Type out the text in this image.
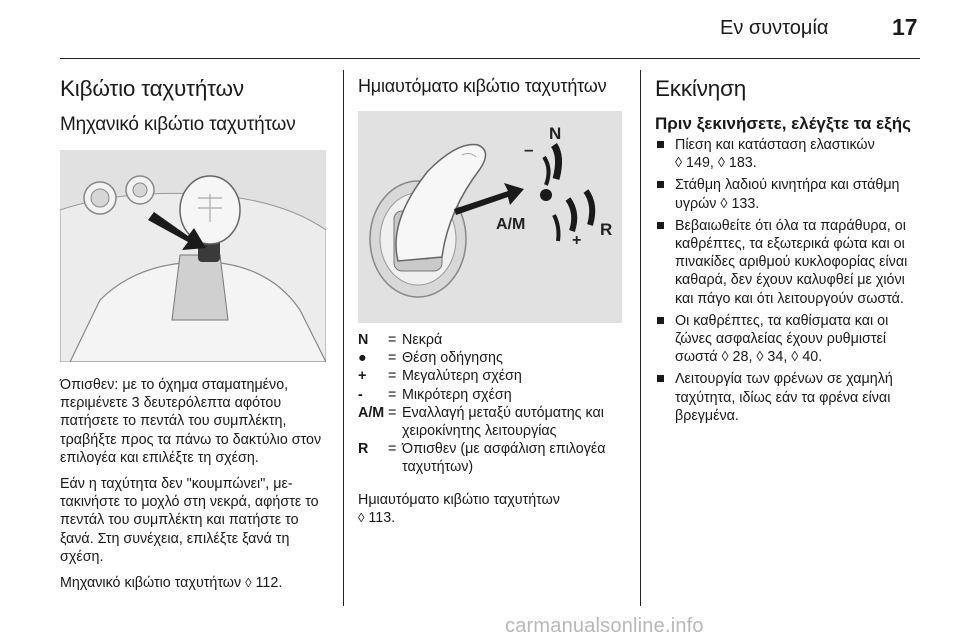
Εν συντομία	17
Κιβώτιο ταχυτήτων
Μηχανικό κιβώτιο ταχυτήτων

Όπισθεν: με το όχημα σταματημένο, περιμένετε 3 δευτερόλεπτα αφότου πατήσετε το πεντάλ του συμπλέκτη, τραβήξτε προς τα πάνω το δακτύλιο στον επιλογέα και επιλέξτε τη σχέση.

Εάν η ταχύτητα δεν "κουμπώνει", μετακινήστε το μοχλό στη νεκρά, αφήστε το πεντάλ του συμπλέκτη και πατήστε το ξανά. Στη συνέχεια, επιλέξτε ξανά τη σχέση.

Μηχανικό κιβώτιο ταχυτήτων ◊ 112.

Ημιαυτόματο κιβώτιο ταχυτήτων
N
–
A/M	R
+
N	= Νεκρά
●	= Θέση οδήγησης
+	= Μεγαλύτερη σχέση
-	= Μικρότερη σχέση
A/M = Εναλλαγή μεταξύ αυτόματης και χειροκίνητης λειτουργίας
R	= Όπισθεν (με ασφάλιση επιλογέα ταχυτήτων)

Ημιαυτόματο κιβώτιο ταχυτήτων
◊ 113.

Εκκίνηση
Πριν ξεκινήσετε, ελέγξτε τα εξής
Πίεση και κατάσταση ελαστικών
◊ 149, ◊ 183.
Στάθμη λαδιού κινητήρα και στάθμη υγρών ◊ 133.
Βεβαιωθείτε ότι όλα τα παράθυρα, οι καθρέπτες, τα εξωτερικά φώτα και οι πινακίδες αριθμού κυκλοφορίας είναι καθαρά, δεν έχουν καλυφθεί με χιόνι και πάγο και ότι λειτουργούν σωστά.
Οι καθρέπτες, τα καθίσματα και οι ζώνες ασφαλείας έχουν ρυθμιστεί σωστά ◊ 28, ◊ 34, ◊ 40.
Λειτουργία των φρένων σε χαμηλή ταχύτητα, ιδίως εάν τα φρένα είναι βρεγμένα.
carmanualsonline.info
